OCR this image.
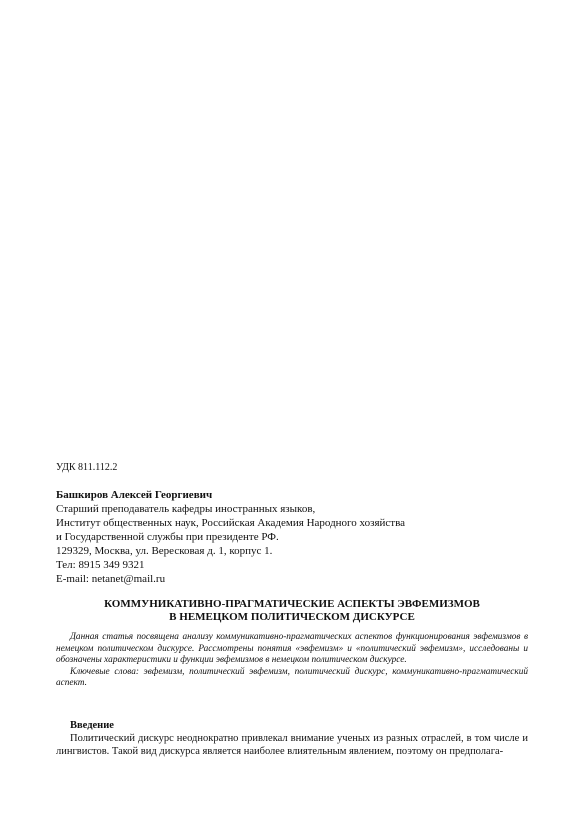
УДК 811.112.2
Башкиров Алексей Георгиевич
Старший преподаватель кафедры иностранных языков,
Институт общественных наук, Российская Академия Народного хозяйства
и Государственной службы при президенте РФ.
129329, Москва, ул. Вересковая д. 1, корпус 1.
Тел: 8915 349 9321
E-mail: netanet@mail.ru
КОММУНИКАТИВНО-ПРАГМАТИЧЕСКИЕ АСПЕКТЫ ЭВФЕМИЗМОВ
В НЕМЕЦКОМ ПОЛИТИЧЕСКОМ ДИСКУРСЕ

Данная статья посвящена анализу коммуникативно-прагматических аспектов функционирования эвфемизмов в немецком политическом дискурсе. Рассмотрены понятия «эвфемизм» и «политический эвфемизм», исследованы и обозначены характеристики и функции эвфемизмов в немецком политическом дискурсе.

Ключевые слова: эвфемизм, политический эвфемизм, политический дискурс, коммуникативно-прагматический аспект.

Введение

Политический дискурс неоднократно привлекал внимание ученых из разных отраслей, в том числе и лингвистов. Такой вид дискурса является наиболее влиятельным явлением, поэтому он предполага-
